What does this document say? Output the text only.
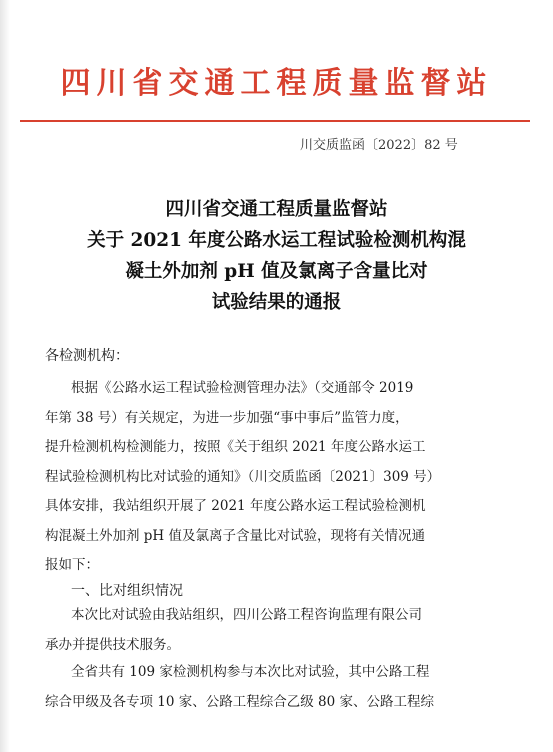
四川省交通工程质量监督站
川交质监函〔2022〕82 号
四川省交通工程质量监督站
关于 2021 年度公路水运工程试验检测机构混
凝土外加剂 pH 值及氯离子含量比对
试验结果的通报
各检测机构：
根据《公路水运工程试验检测管理办法》（交通部令 2019
年第 38 号）有关规定，为进一步加强“事中事后”监管力度，
提升检测机构检测能力，按照《关于组织 2021 年度公路水运工
程试验检测机构比对试验的通知》（川交质监函〔2021〕309 号）
具体安排，我站组织开展了 2021 年度公路水运工程试验检测机
构混凝土外加剂 pH 值及氯离子含量比对试验，现将有关情况通
报如下：
一、比对组织情况
本次比对试验由我站组织，四川公路工程咨询监理有限公司
承办并提供技术服务。
全省共有 109 家检测机构参与本次比对试验，其中公路工程
综合甲级及各专项 10 家、公路工程综合乙级 80 家、公路工程综
